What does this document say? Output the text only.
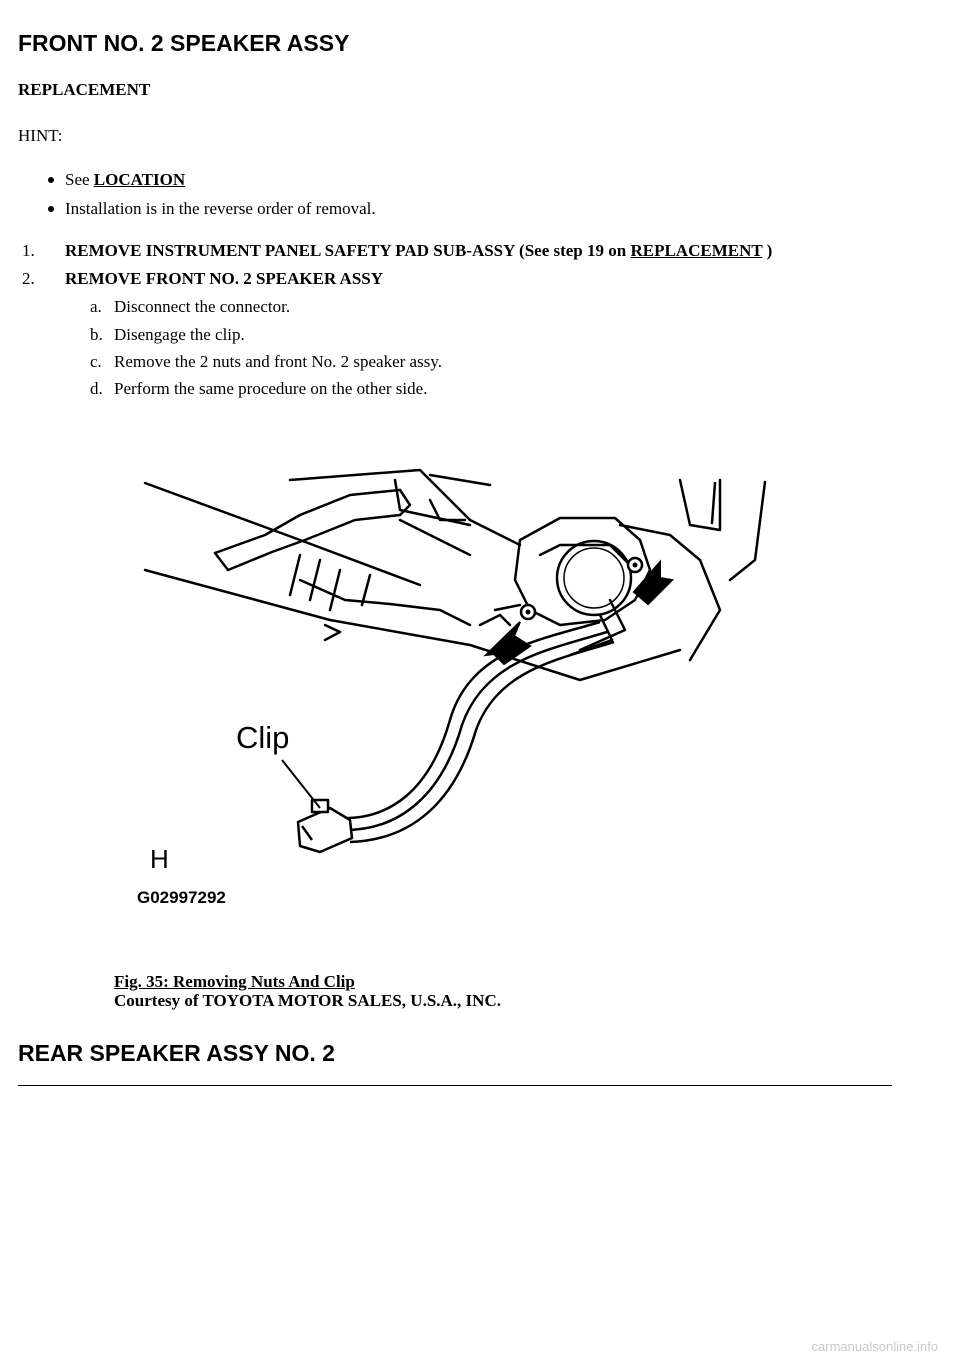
FRONT NO. 2 SPEAKER ASSY
REPLACEMENT
HINT:
See LOCATION
Installation is in the reverse order of removal.
1. REMOVE INSTRUMENT PANEL SAFETY PAD SUB-ASSY (See step 19 on REPLACEMENT )
2. REMOVE FRONT NO. 2 SPEAKER ASSY
a. Disconnect the connector.
b. Disengage the clip.
c. Remove the 2 nuts and front No. 2 speaker assy.
d. Perform the same procedure on the other side.
Clip
H
G02997292
Fig. 35: Removing Nuts And Clip
Courtesy of TOYOTA MOTOR SALES, U.S.A., INC.
REAR SPEAKER ASSY NO. 2
carmanualsonline.info
